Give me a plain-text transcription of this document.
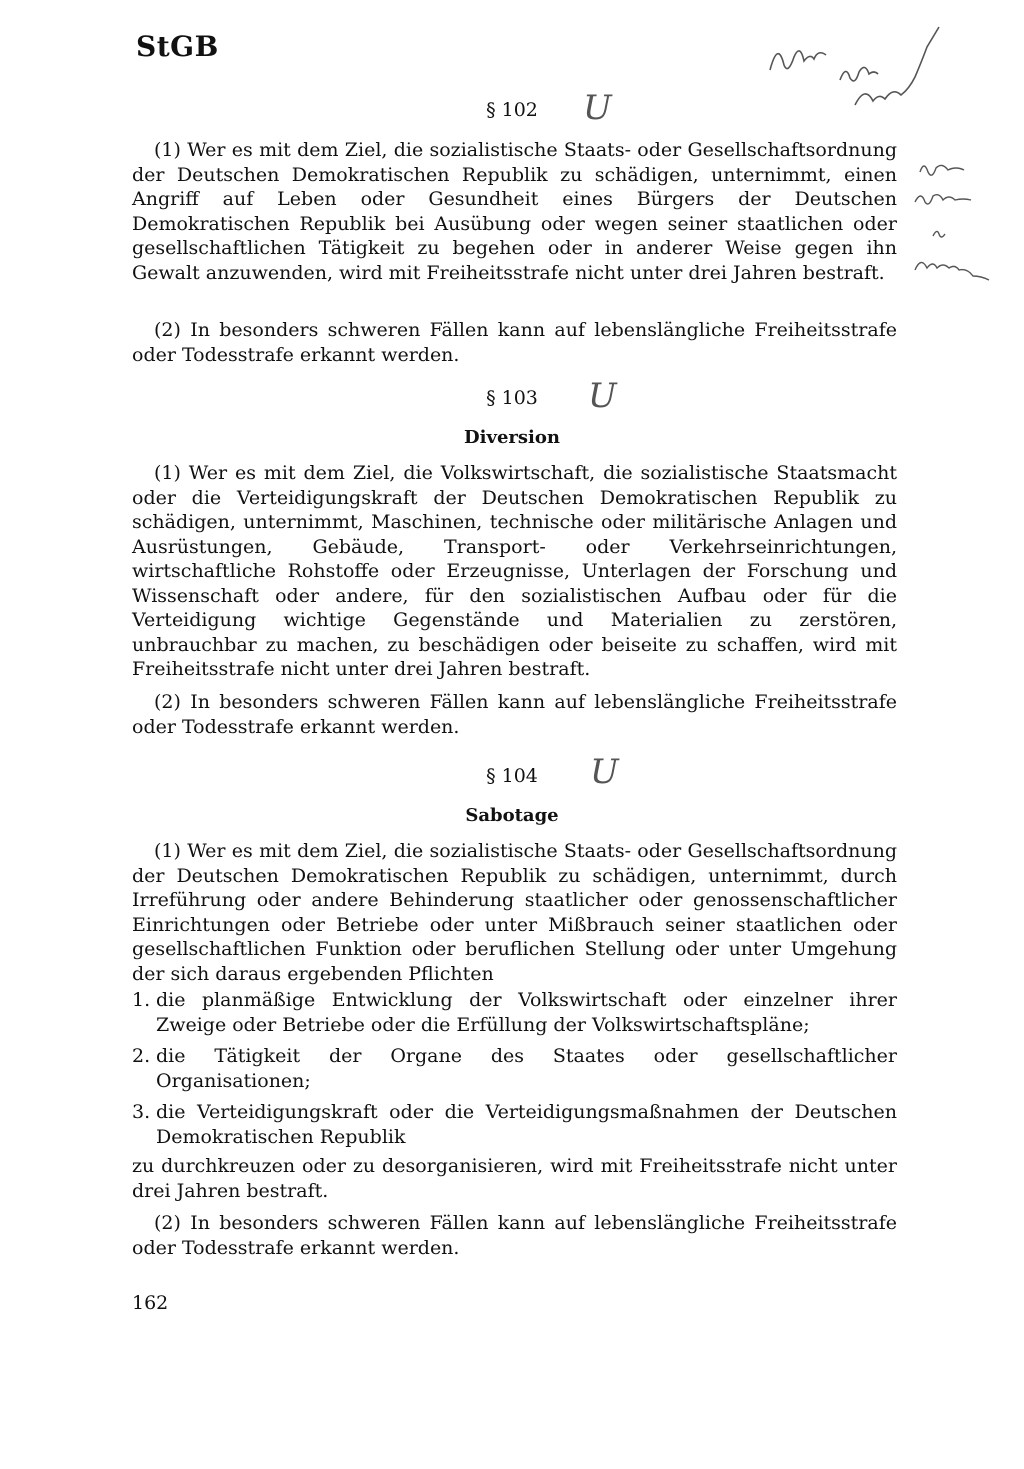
StGB
§ 102	U

(1) Wer es mit dem Ziel, die sozialistische Staats- oder Gesellschaftsordnung der Deutschen Demokratischen Republik zu schädigen, unternimmt, einen Angriff auf Leben oder Gesundheit eines Bürgers der Deutschen Demokratischen Republik bei Ausübung oder wegen seiner staatlichen oder gesellschaftlichen Tätigkeit zu begehen oder in anderer Weise gegen ihn Gewalt anzuwenden, wird mit Freiheitsstrafe nicht unter drei Jahren bestraft.

(2) In besonders schweren Fällen kann auf lebenslängliche Freiheitsstrafe oder Todesstrafe erkannt werden.

§ 103	U
Diversion

(1) Wer es mit dem Ziel, die Volkswirtschaft, die sozialistische Staatsmacht oder die Verteidigungskraft der Deutschen Demokratischen Republik zu schädigen, unternimmt, Maschinen, technische oder militärische Anlagen und Ausrüstungen, Gebäude, Transport- oder Verkehrseinrichtungen, wirtschaftliche Rohstoffe oder Erzeugnisse, Unterlagen der Forschung und Wissenschaft oder andere, für den sozialistischen Aufbau oder für die Verteidigung wichtige Gegenstände und Materialien zu zerstören, unbrauchbar zu machen, zu beschädigen oder beiseite zu schaffen, wird mit Freiheitsstrafe nicht unter drei Jahren bestraft.

(2) In besonders schweren Fällen kann auf lebenslängliche Freiheitsstrafe oder Todesstrafe erkannt werden.

§ 104	U
Sabotage

(1) Wer es mit dem Ziel, die sozialistische Staats- oder Gesellschaftsordnung der Deutschen Demokratischen Republik zu schädigen, unternimmt, durch Irreführung oder andere Behinderung staatlicher oder genossenschaftlicher Einrichtungen oder Betriebe oder unter Mißbrauch seiner staatlichen oder gesellschaftlichen Funktion oder beruflichen Stellung oder unter Umgehung der sich daraus ergebenden Pflichten

1. die planmäßige Entwicklung der Volkswirtschaft oder einzelner ihrer Zweige oder Betriebe oder die Erfüllung der Volkswirtschaftspläne;
2. die Tätigkeit der Organe des Staates oder gesellschaftlicher Organisationen;
3. die Verteidigungskraft oder die Verteidigungsmaßnahmen der Deutschen Demokratischen Republik

zu durchkreuzen oder zu desorganisieren, wird mit Freiheitsstrafe nicht unter drei Jahren bestraft.

(2) In besonders schweren Fällen kann auf lebenslängliche Freiheitsstrafe oder Todesstrafe erkannt werden.

162
